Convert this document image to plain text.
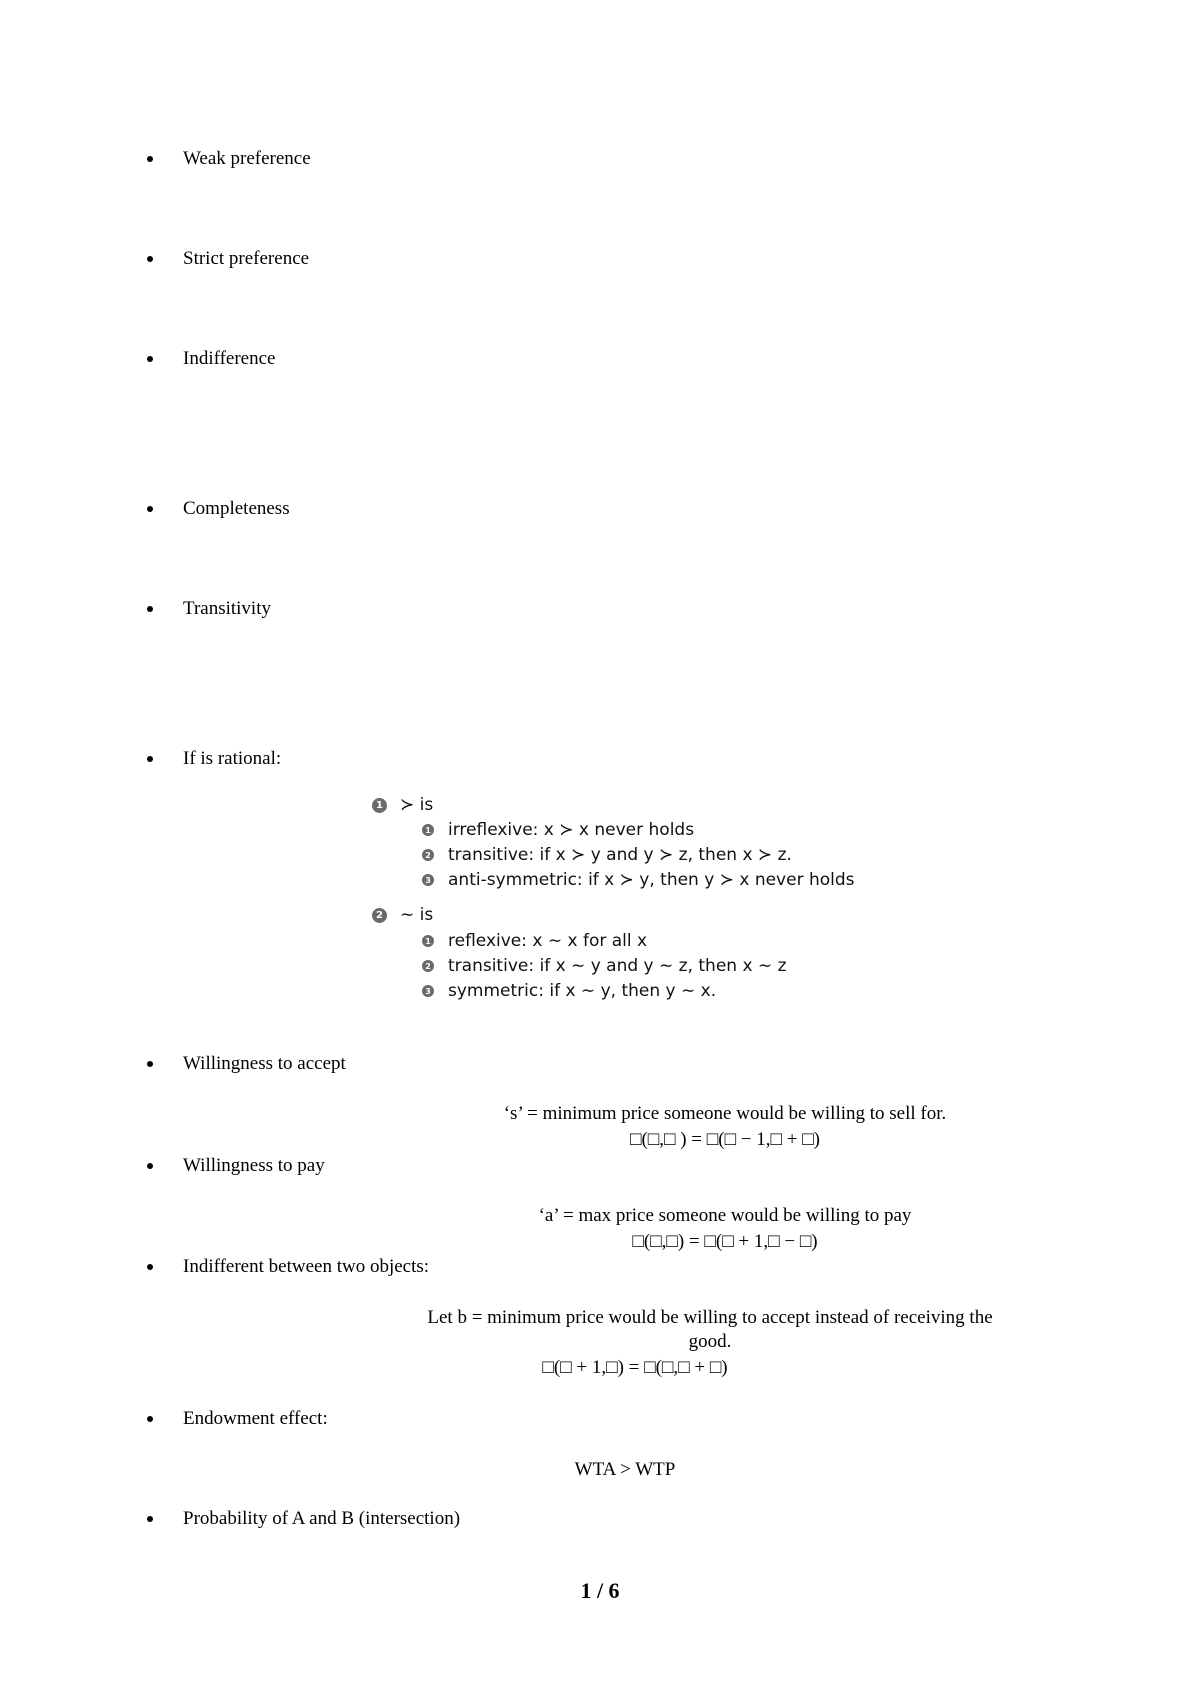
Weak preference
Strict preference
Indifference
Completeness
Transitivity
If is rational:
1 ≻ is
1 irreflexive: x ≻ x never holds
2 transitive: if x ≻ y and y ≻ z, then x ≻ z.
3 anti-symmetric: if x ≻ y, then y ≻ x never holds
2 ∼ is
1 reflexive: x ∼ x for all x
2 transitive: if x ∼ y and y ∼ z, then x ∼ z
3 symmetric: if x ∼ y, then y ∼ x.
Willingness to accept
‘s’ = minimum price someone would be willing to sell for.
□(□,□ ) = □(□ − 1,□ + □)
Willingness to pay
‘a’ = max price someone would be willing to pay
□(□,□) = □(□ + 1,□ − □)
Indifferent between two objects:
Let b = minimum price would be willing to accept instead of receiving the
good.
□(□ + 1,□) = □(□,□ + □)
Endowment effect:
WTA > WTP
Probability of A and B (intersection)
1 / 6
